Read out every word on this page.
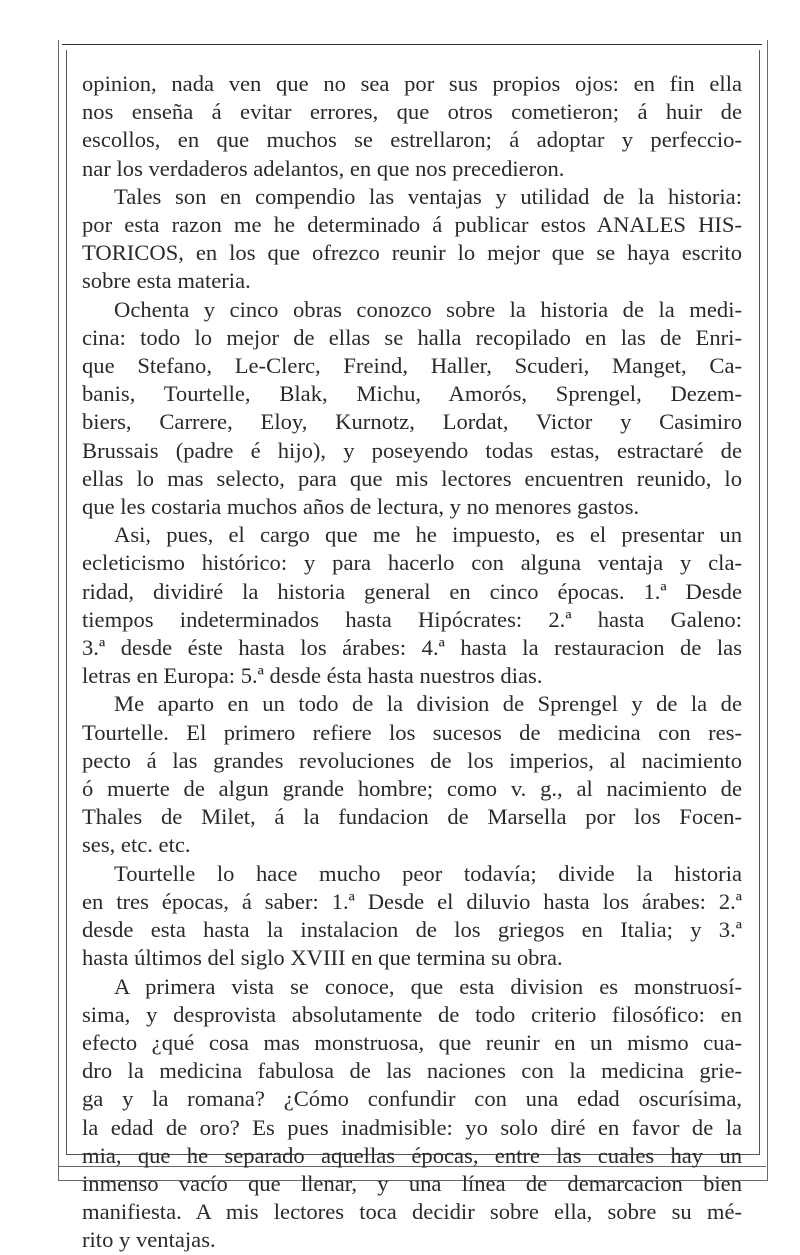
opinion, nada ven que no sea por sus propios ojos: en fin ella
nos enseña á evitar errores, que otros cometieron; á huir de
escollos, en que muchos se estrellaron; á adoptar y perfeccio-
nar los verdaderos adelantos, en que nos precedieron.
Tales son en compendio las ventajas y utilidad de la historia:
por esta razon me he determinado á publicar estos ANALES HIS-
TORICOS, en los que ofrezco reunir lo mejor que se haya escrito
sobre esta materia.
Ochenta y cinco obras conozco sobre la historia de la medi-
cina: todo lo mejor de ellas se halla recopilado en las de Enri-
que Stefano, Le-Clerc, Freind, Haller, Scuderi, Manget, Ca-
banis, Tourtelle, Blak, Michu, Amorós, Sprengel, Dezem-
biers, Carrere, Eloy, Kurnotz, Lordat, Victor y Casimiro
Brussais (padre é hijo), y poseyendo todas estas, estractaré de
ellas lo mas selecto, para que mis lectores encuentren reunido, lo
que les costaria muchos años de lectura, y no menores gastos.
Asi, pues, el cargo que me he impuesto, es el presentar un
ecleticismo histórico: y para hacerlo con alguna ventaja y cla-
ridad, dividiré la historia general en cinco épocas. 1.ª Desde
tiempos indeterminados hasta Hipócrates: 2.ª hasta Galeno:
3.ª desde éste hasta los árabes: 4.ª hasta la restauracion de las
letras en Europa: 5.ª desde ésta hasta nuestros dias.
Me aparto en un todo de la division de Sprengel y de la de
Tourtelle. El primero refiere los sucesos de medicina con res-
pecto á las grandes revoluciones de los imperios, al nacimiento
ó muerte de algun grande hombre; como v. g., al nacimiento de
Thales de Milet, á la fundacion de Marsella por los Focen-
ses, etc. etc.
Tourtelle lo hace mucho peor todavía; divide la historia
en tres épocas, á saber: 1.ª Desde el diluvio hasta los árabes: 2.ª
desde esta hasta la instalacion de los griegos en Italia; y 3.ª
hasta últimos del siglo XVIII en que termina su obra.
A primera vista se conoce, que esta division es monstruosí-
sima, y desprovista absolutamente de todo criterio filosófico: en
efecto ¿qué cosa mas monstruosa, que reunir en un mismo cua-
dro la medicina fabulosa de las naciones con la medicina grie-
ga y la romana? ¿Cómo confundir con una edad oscurísima,
la edad de oro? Es pues inadmisible: yo solo diré en favor de la
mia, que he separado aquellas épocas, entre las cuales hay un
inmenso vacío que llenar, y una línea de demarcacion bien
manifiesta. A mis lectores toca decidir sobre ella, sobre su mé-
rito y ventajas.
